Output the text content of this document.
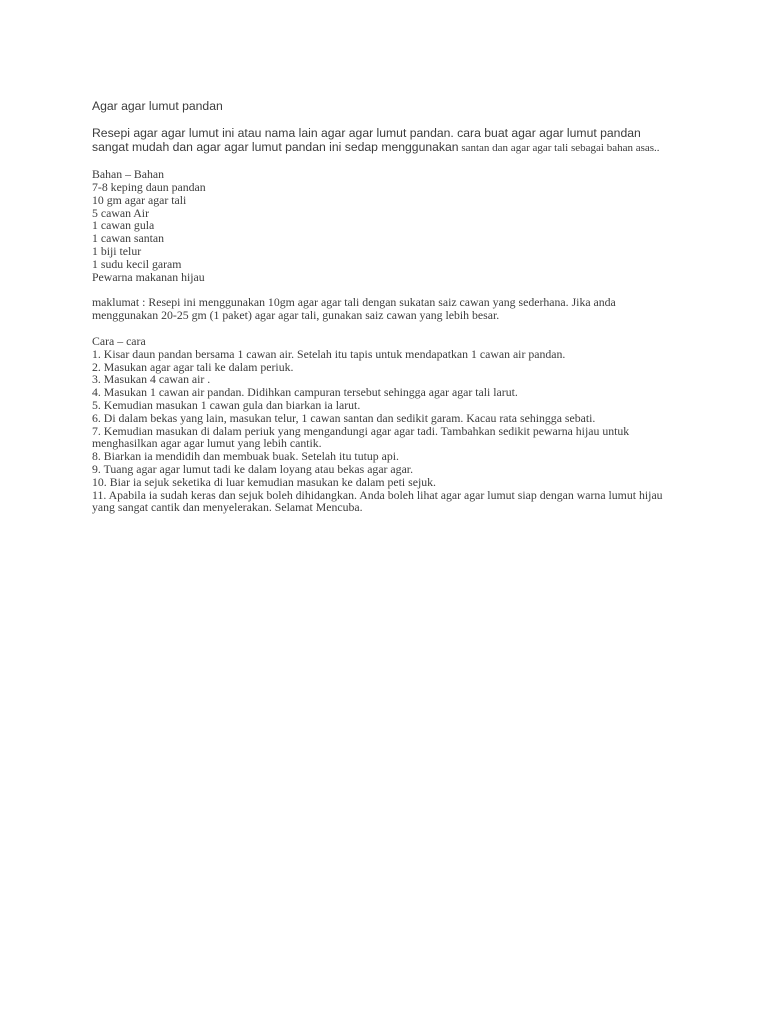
Agar agar lumut pandan
Resepi agar agar lumut ini atau nama lain agar agar lumut pandan. cara buat agar agar lumut pandan sangat mudah dan agar agar lumut pandan ini sedap menggunakan santan dan agar agar tali sebagai bahan asas..
Bahan – Bahan
7-8 keping daun pandan
10 gm agar agar tali
5 cawan Air
1 cawan gula
1 cawan santan
1 biji telur
1 sudu kecil garam
Pewarna makanan hijau
maklumat : Resepi ini menggunakan 10gm agar agar tali dengan sukatan saiz cawan yang sederhana. Jika anda menggunakan 20-25 gm (1 paket) agar agar tali, gunakan saiz cawan yang lebih besar.
Cara – cara
1. Kisar daun pandan bersama 1 cawan air. Setelah itu tapis untuk mendapatkan 1 cawan air pandan.
2. Masukan agar agar tali ke dalam periuk.
3. Masukan 4 cawan air .
4. Masukan 1 cawan air pandan. Didihkan campuran tersebut sehingga agar agar tali larut.
5. Kemudian masukan 1 cawan gula dan biarkan ia larut.
6. Di dalam bekas yang lain, masukan telur, 1 cawan santan dan sedikit garam. Kacau rata sehingga sebati.
7. Kemudian masukan di dalam periuk yang mengandungi agar agar tadi. Tambahkan sedikit pewarna hijau untuk menghasilkan agar agar lumut yang lebih cantik.
8. Biarkan ia mendidih dan membuak buak. Setelah itu tutup api.
9. Tuang agar agar lumut tadi ke dalam loyang atau bekas agar agar.
10. Biar ia sejuk seketika di luar kemudian masukan ke dalam peti sejuk.
11. Apabila ia sudah keras dan sejuk boleh dihidangkan. Anda boleh lihat agar agar lumut siap dengan warna lumut hijau yang sangat cantik dan menyelerakan. Selamat Mencuba.
